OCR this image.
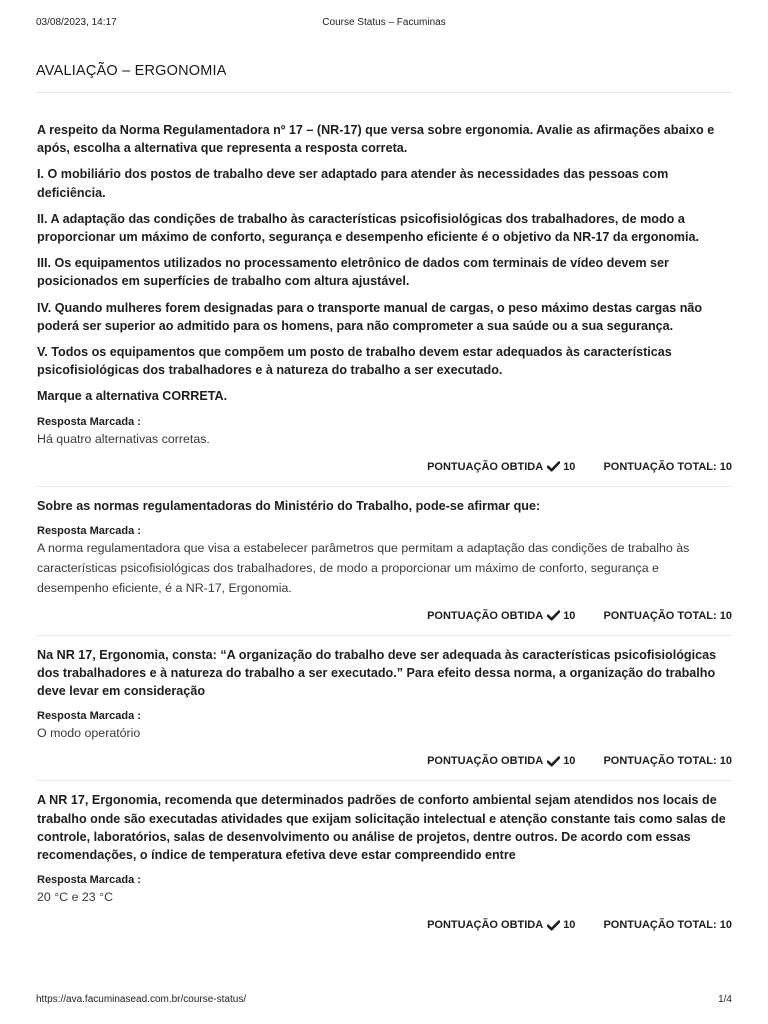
03/08/2023, 14:17	Course Status – Facuminas
AVALIAÇÃO – ERGONOMIA

A respeito da Norma Regulamentadora nº 17 – (NR-17) que versa sobre ergonomia. Avalie as afirmações abaixo e após, escolha a alternativa que representa a resposta correta.

I. O mobiliário dos postos de trabalho deve ser adaptado para atender às necessidades das pessoas com deficiência.

II. A adaptação das condições de trabalho às características psicofisiológicas dos trabalhadores, de modo a proporcionar um máximo de conforto, segurança e desempenho eficiente é o objetivo da NR-17 da ergonomia.

III. Os equipamentos utilizados no processamento eletrônico de dados com terminais de vídeo devem ser posicionados em superfícies de trabalho com altura ajustável.

IV. Quando mulheres forem designadas para o transporte manual de cargas, o peso máximo destas cargas não poderá ser superior ao admitido para os homens, para não comprometer a sua saúde ou a sua segurança.

V. Todos os equipamentos que compõem um posto de trabalho devem estar adequados às características psicofisiológicas dos trabalhadores e à natureza do trabalho a ser executado.

Marque a alternativa CORRETA.

Resposta Marcada :
Há quatro alternativas corretas.
PONTUAÇÃO OBTIDA 10	PONTUAÇÃO TOTAL: 10

Sobre as normas regulamentadoras do Ministério do Trabalho, pode-se afirmar que:

Resposta Marcada :
A norma regulamentadora que visa a estabelecer parâmetros que permitam a adaptação das condições de trabalho às características psicofisiológicas dos trabalhadores, de modo a proporcionar um máximo de conforto, segurança e desempenho eficiente, é a NR-17, Ergonomia.
PONTUAÇÃO OBTIDA 10	PONTUAÇÃO TOTAL: 10

Na NR 17, Ergonomia, consta: “A organização do trabalho deve ser adequada às características psicofisiológicas dos trabalhadores e à natureza do trabalho a ser executado.” Para efeito dessa norma, a organização do trabalho deve levar em consideração

Resposta Marcada :
O modo operatório
PONTUAÇÃO OBTIDA 10	PONTUAÇÃO TOTAL: 10

A NR 17, Ergonomia, recomenda que determinados padrões de conforto ambiental sejam atendidos nos locais de trabalho onde são executadas atividades que exijam solicitação intelectual e atenção constante tais como salas de controle, laboratórios, salas de desenvolvimento ou análise de projetos, dentre outros. De acordo com essas recomendações, o índice de temperatura efetiva deve estar compreendido entre

Resposta Marcada :
20 °C e 23 °C
PONTUAÇÃO OBTIDA 10	PONTUAÇÃO TOTAL: 10
https://ava.facuminasead.com.br/course-status/	1/4
